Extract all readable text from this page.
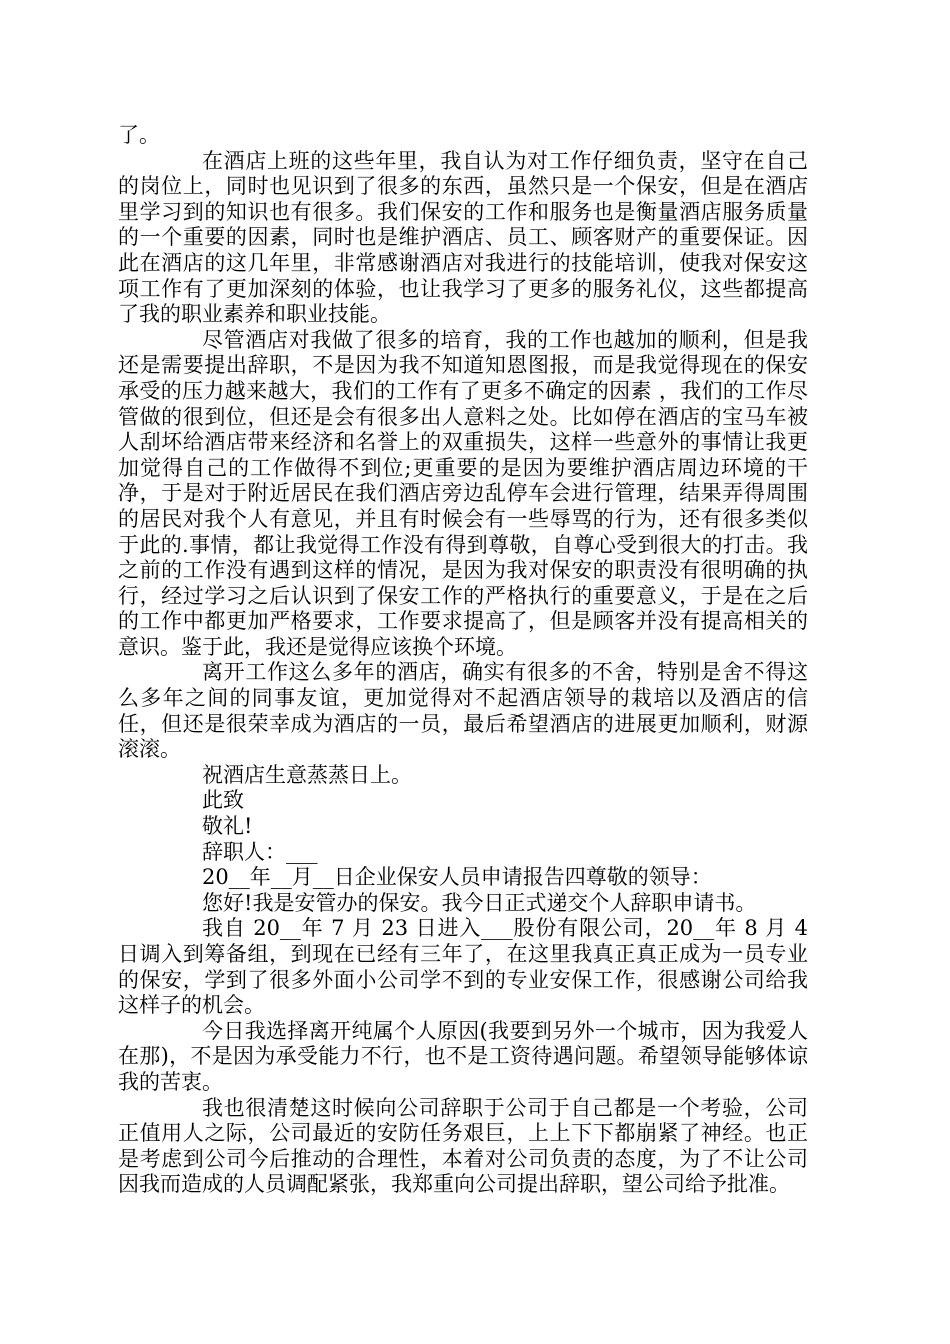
了。

在酒店上班的这些年里，我自认为对工作仔细负责，坚守在自己的岗位上，同时也见识到了很多的东西，虽然只是一个保安，但是在酒店里学习到的知识也有很多。我们保安的工作和服务也是衡量酒店服务质量的一个重要的因素，同时也是维护酒店、员工、顾客财产的重要保证。因此在酒店的这几年里，非常感谢酒店对我进行的技能培训，使我对保安这项工作有了更加深刻的体验，也让我学习了更多的服务礼仪，这些都提高了我的职业素养和职业技能。

尽管酒店对我做了很多的培育，我的工作也越加的顺利，但是我还是需要提出辞职，不是因为我不知道知恩图报，而是我觉得现在的保安承受的压力越来越大，我们的工作有了更多不确定的因素 ，我们的工作尽管做的很到位，但还是会有很多出人意料之处。比如停在酒店的宝马车被人刮坏给酒店带来经济和名誉上的双重损失，这样一些意外的事情让我更加觉得自己的工作做得不到位;更重要的是因为要维护酒店周边环境的干净，于是对于附近居民在我们酒店旁边乱停车会进行管理，结果弄得周围的居民对我个人有意见，并且有时候会有一些辱骂的行为，还有很多类似于此的.事情，都让我觉得工作没有得到尊敬，自尊心受到很大的打击。我之前的工作没有遇到这样的情况，是因为我对保安的职责没有很明确的执行，经过学习之后认识到了保安工作的严格执行的重要意义，于是在之后的工作中都更加严格要求，工作要求提高了，但是顾客并没有提高相关的意识。鉴于此，我还是觉得应该换个环境。

离开工作这么多年的酒店，确实有很多的不舍，特别是舍不得这么多年之间的同事友谊，更加觉得对不起酒店领导的栽培以及酒店的信任，但还是很荣幸成为酒店的一员，最后希望酒店的进展更加顺利，财源滚滚。

祝酒店生意蒸蒸日上。

此致

敬礼!

辞职人：___

20__年__月__日企业保安人员申请报告四尊敬的领导：

您好!我是安管办的保安。我今日正式递交个人辞职申请书。

我自 20__年 7 月 23 日进入___股份有限公司，20__年 8 月 4 日调入到筹备组，到现在已经有三年了，在这里我真正真正成为一员专业的保安，学到了很多外面小公司学不到的专业安保工作，很感谢公司给我这样子的机会。

今日我选择离开纯属个人原因(我要到另外一个城市，因为我爱人在那)，不是因为承受能力不行，也不是工资待遇问题。希望领导能够体谅我的苦衷。

我也很清楚这时候向公司辞职于公司于自己都是一个考验，公司正值用人之际，公司最近的安防任务艰巨，上上下下都崩紧了神经。也正是考虑到公司今后推动的合理性，本着对公司负责的态度，为了不让公司因我而造成的人员调配紧张，我郑重向公司提出辞职，望公司给予批准。
